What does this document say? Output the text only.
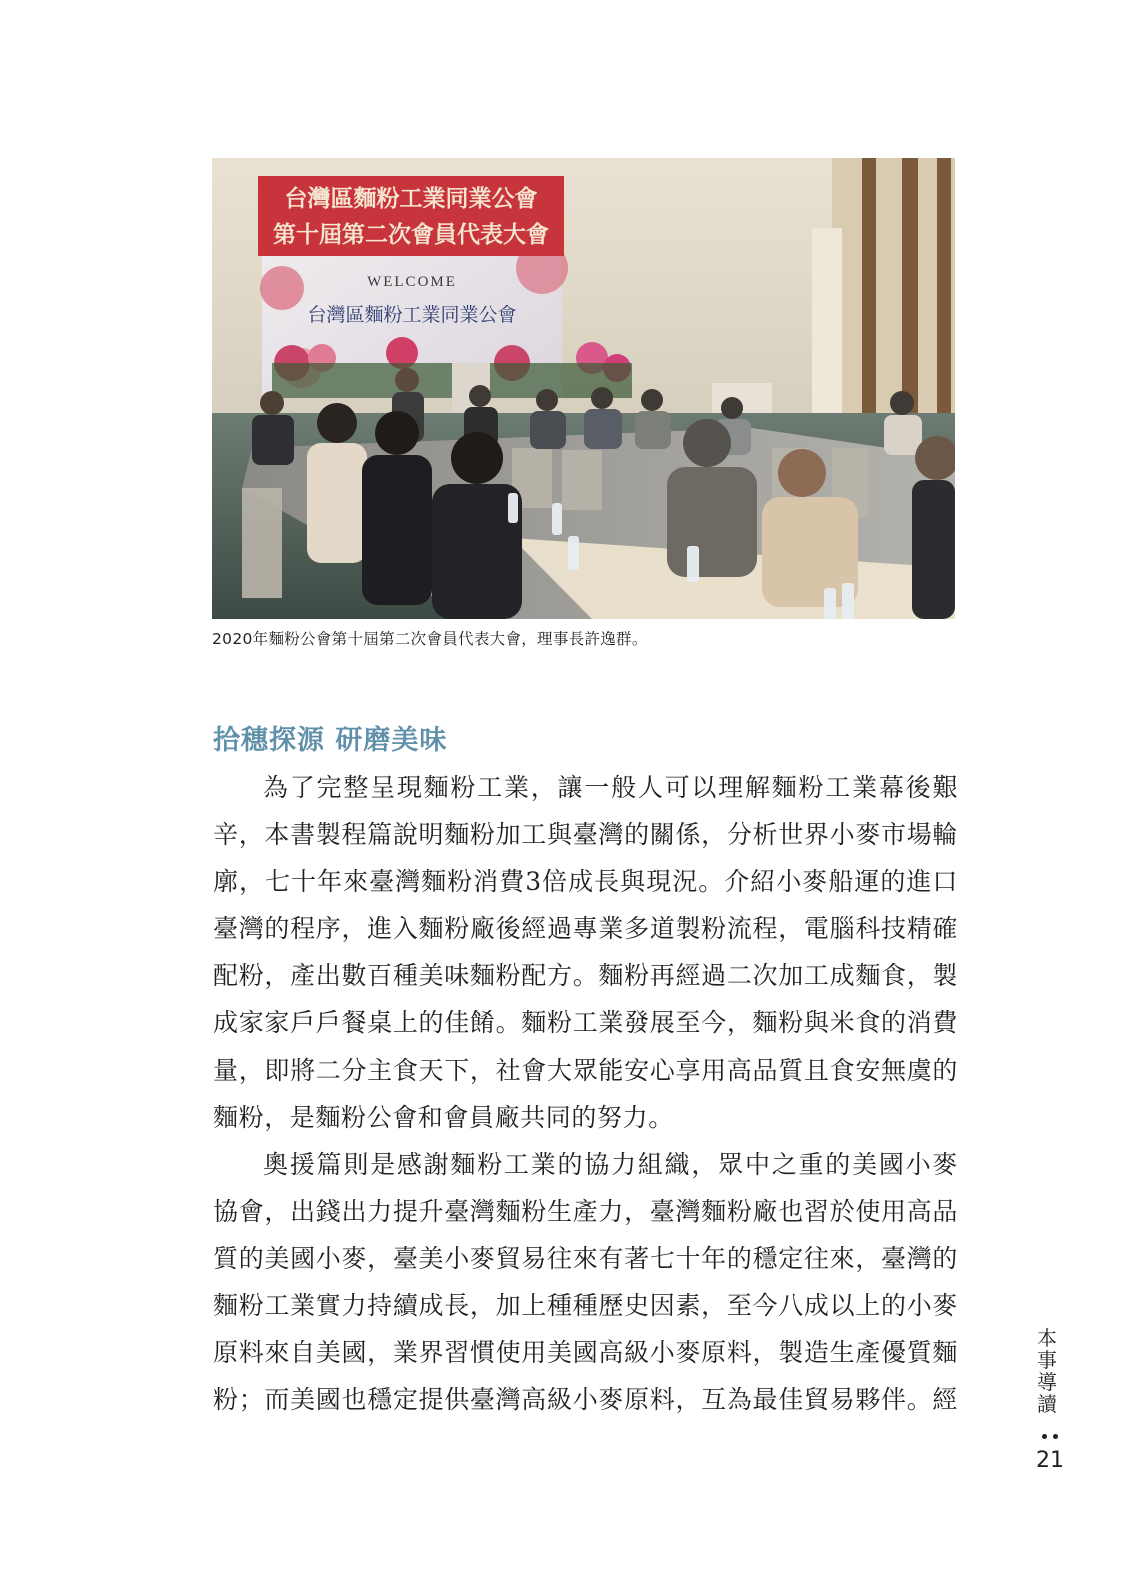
WELCOME
台灣區麵粉工業同業公會
台灣區麵粉工業同業公會
第十屆第二次會員代表大會
2020年麵粉公會第十屆第二次會員代表大會，理事長許逸群。
拾穗探源 研磨美味
為了完整呈現麵粉工業，讓一般人可以理解麵粉工業幕後艱
辛，本書製程篇說明麵粉加工與臺灣的關係，分析世界小麥市場輪
廓，七十年來臺灣麵粉消費3倍成長與現況。介紹小麥船運的進口
臺灣的程序，進入麵粉廠後經過專業多道製粉流程，電腦科技精確
配粉，產出數百種美味麵粉配方。麵粉再經過二次加工成麵食，製
成家家戶戶餐桌上的佳餚。麵粉工業發展至今，麵粉與米食的消費
量，即將二分主食天下，社會大眾能安心享用高品質且食安無虞的
麵粉，是麵粉公會和會員廠共同的努力。
奧援篇則是感謝麵粉工業的協力組織，眾中之重的美國小麥
協會，出錢出力提升臺灣麵粉生產力，臺灣麵粉廠也習於使用高品
質的美國小麥，臺美小麥貿易往來有著七十年的穩定往來，臺灣的
麵粉工業實力持續成長，加上種種歷史因素，至今八成以上的小麥
原料來自美國，業界習慣使用美國高級小麥原料，製造生產優質麵
粉；而美國也穩定提供臺灣高級小麥原料，互為最佳貿易夥伴。經
本
事
導
讀
21
